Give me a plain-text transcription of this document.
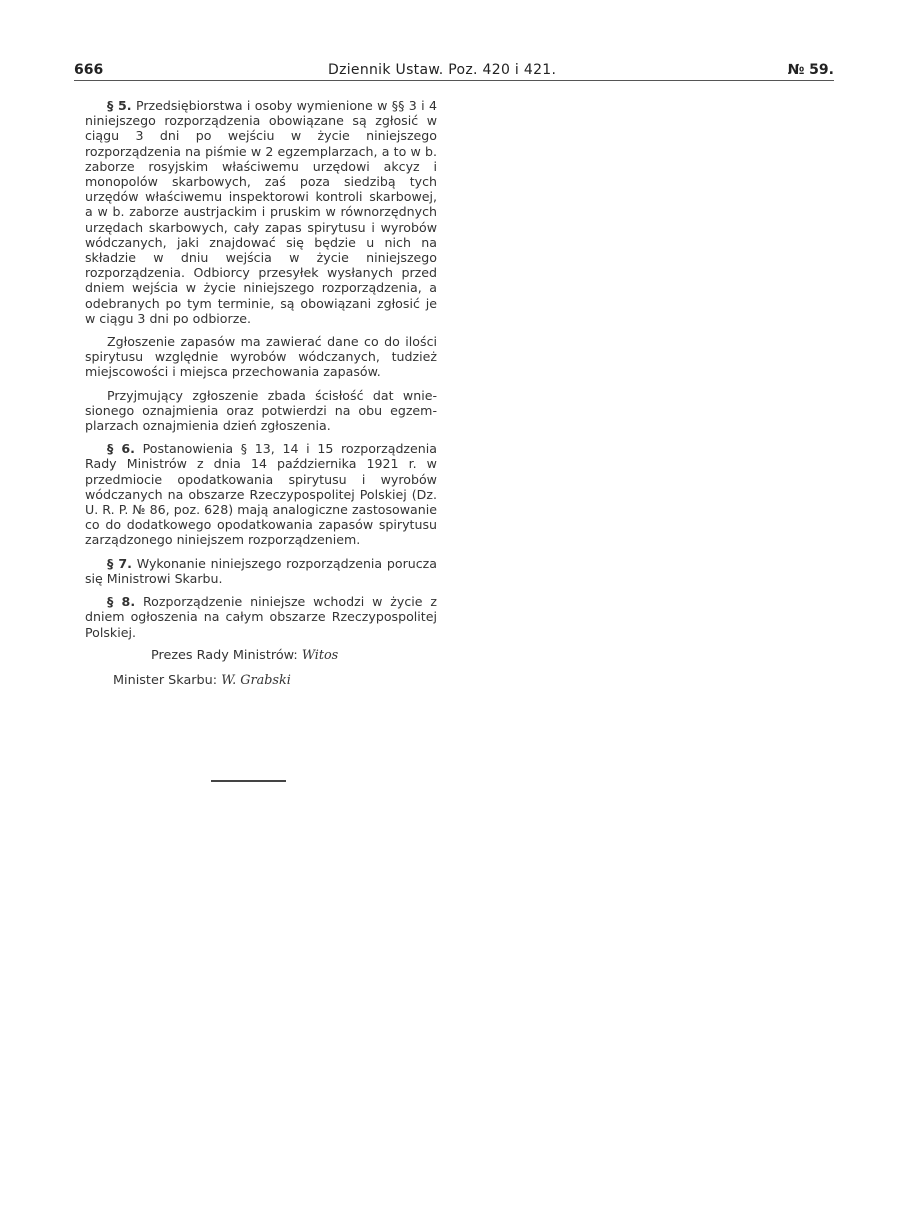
666	Dziennik Ustaw. Poz. 420 i 421.	№ 59.

§ 5. Przedsiębiorstwa i osoby wymienione w §§ 3 i 4 niniejszego rozporządzenia obowiązane są zgłosić w ciągu 3 dni po wejściu w życie niniejszego rozporządzenia na piśmie w 2 egzemplarzach, a to w b. zaborze rosyjskim właściwemu urzędowi akcyz i monopolów skarbowych, zaś poza siedzibą tych urzędów właściwemu inspektorowi kontroli skarbowej, a w b. zaborze austrjackim i pruskim w równorzędnych urzędach skarbowych, cały zapas spirytusu i wyrobów wódczanych, jaki znajdować się będzie u nich na składzie w dniu wejścia w życie niniejszego rozporządzenia. Odbiorcy przesyłek wysłanych przed dniem wejścia w życie niniejszego rozporządzenia, a odebranych po tym terminie, są obowiązani zgłosić je w ciągu 3 dni po odbiorze.

Zgłoszenie zapasów ma zawierać dane co do ilości spirytusu względnie wyrobów wódczanych, tudzież miejscowości i miejsca przechowania zapasów.

Przyjmujący zgłoszenie zbada ścisłość dat wniesionego oznajmienia oraz potwierdzi na obu egzemplarzach oznajmienia dzień zgłoszenia.

§ 6. Postanowienia § 13, 14 i 15 rozporządzenia Rady Ministrów z dnia 14 października 1921 r. w przedmiocie opodatkowania spirytusu i wyrobów wódczanych na obszarze Rzeczypospolitej Polskiej (Dz. U. R. P. № 86, poz. 628) mają analogiczne zastosowanie co do dodatkowego opodatkowania zapasów spirytusu zarządzonego niniejszem rozporządzeniem.

§ 7. Wykonanie niniejszego rozporządzenia porucza się Ministrowi Skarbu.

§ 8. Rozporządzenie niniejsze wchodzi w życie z dniem ogłoszenia na całym obszarze Rzeczypospolitej Polskiej.

Prezes Rady Ministrów: Witos

Minister Skarbu: W. Grabski
